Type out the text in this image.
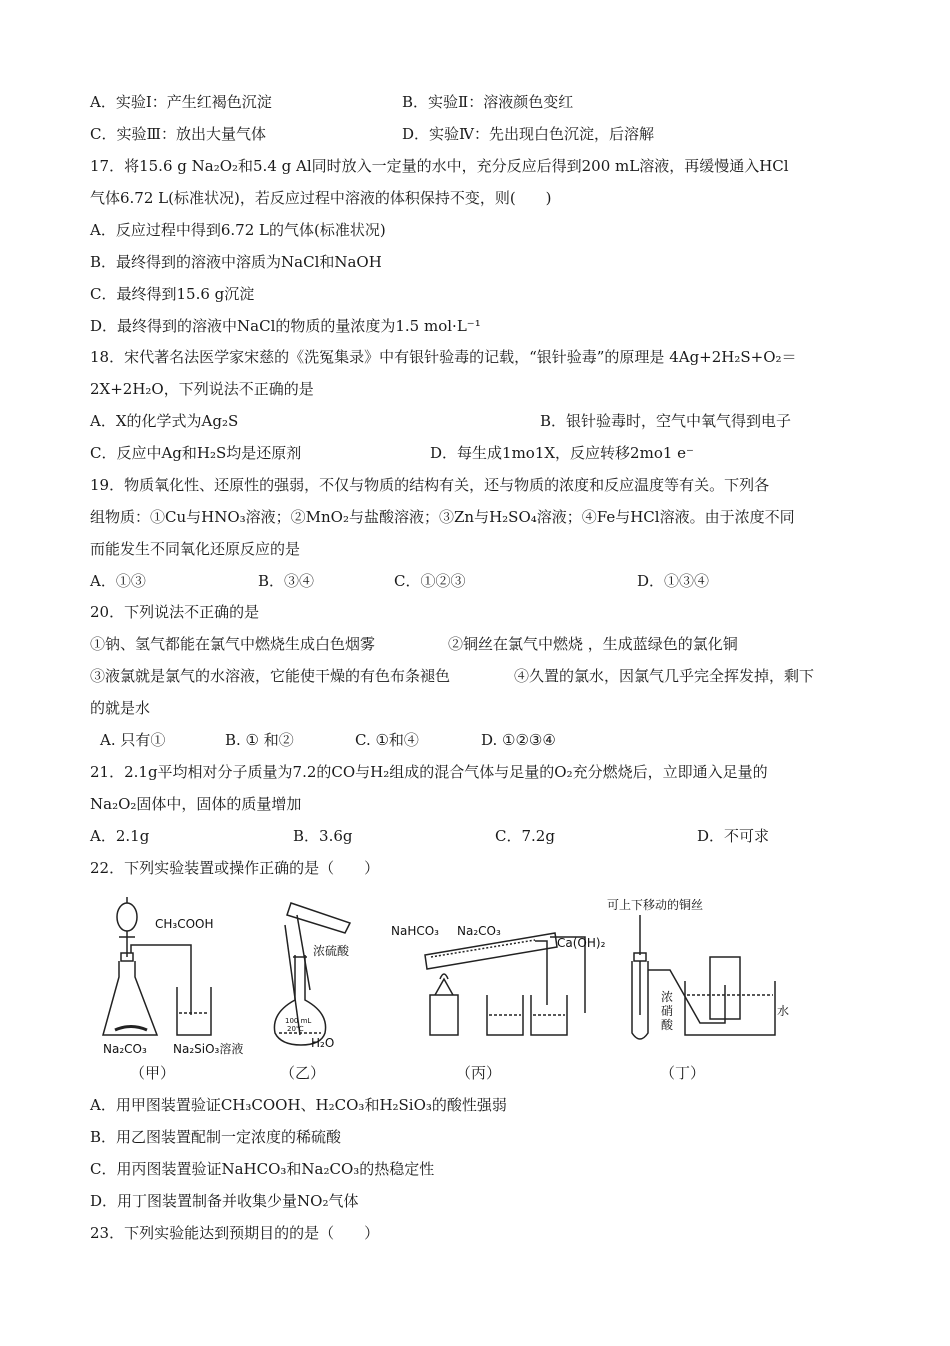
A．实验Ⅰ：产生红褐色沉淀	B．实验Ⅱ：溶液颜色变红
C．实验Ⅲ：放出大量气体	D．实验Ⅳ：先出现白色沉淀，后溶解
17．将15.6 g Na₂O₂和5.4 g Al同时放入一定量的水中，充分反应后得到200 mL溶液，再缓慢通入HCl
气体6.72 L(标准状况)，若反应过程中溶液的体积保持不变，则(　　)
A．反应过程中得到6.72 L的气体(标准状况)
B．最终得到的溶液中溶质为NaCl和NaOH
C．最终得到15.6 g沉淀
D．最终得到的溶液中NaCl的物质的量浓度为1.5 mol·L⁻¹
18．宋代著名法医学家宋慈的《洗冤集录》中有银针验毒的记载，“银针验毒”的原理是 4Ag+2H₂S+O₂＝
2X+2H₂O，下列说法不正确的是
A．X的化学式为Ag₂S	B．银针验毒时，空气中氧气得到电子
C．反应中Ag和H₂S均是还原剂	D．每生成1mo1X，反应转移2mo1 e⁻
19．物质氧化性、还原性的强弱，不仅与物质的结构有关，还与物质的浓度和反应温度等有关。下列各
组物质：①Cu与HNO₃溶液；②MnO₂与盐酸溶液；③Zn与H₂SO₄溶液；④Fe与HCl溶液。由于浓度不同
而能发生不同氧化还原反应的是
A．①③	B．③④	C．①②③	D．①③④
20．下列说法不正确的是
①钠、氢气都能在氯气中燃烧生成白色烟雾	②铜丝在氯气中燃烧 ，生成蓝绿色的氯化铜
③液氯就是氯气的水溶液，它能使干燥的有色布条褪色	④久置的氯水，因氯气几乎完全挥发掉，剩下
的就是水
A. 只有①	B. ① 和②	C. ①和④	D. ①②③④
21．2.1g平均相对分子质量为7.2的CO与H₂组成的混合气体与足量的O₂充分燃烧后，立即通入足量的
Na₂O₂固体中，固体的质量增加
A．2.1g	B．3.6g	C．7.2g	D．不可求
22．下列实验装置或操作正确的是（　　）
CH₃COOH
Na₂CO₃ Na₂SiO₃溶液
浓硫酸
100 mL
20℃
H₂O
NaHCO₃ Na₂CO₃
Ca(OH)₂
可上下移动的铜丝
浓
硝
酸
水
（甲）	（乙）	（丙）	（丁）
A．用甲图装置验证CH₃COOH、H₂CO₃和H₂SiO₃的酸性强弱
B．用乙图装置配制一定浓度的稀硫酸
C．用丙图装置验证NaHCO₃和Na₂CO₃的热稳定性
D．用丁图装置制备并收集少量NO₂气体
23．下列实验能达到预期目的的是（　　）
